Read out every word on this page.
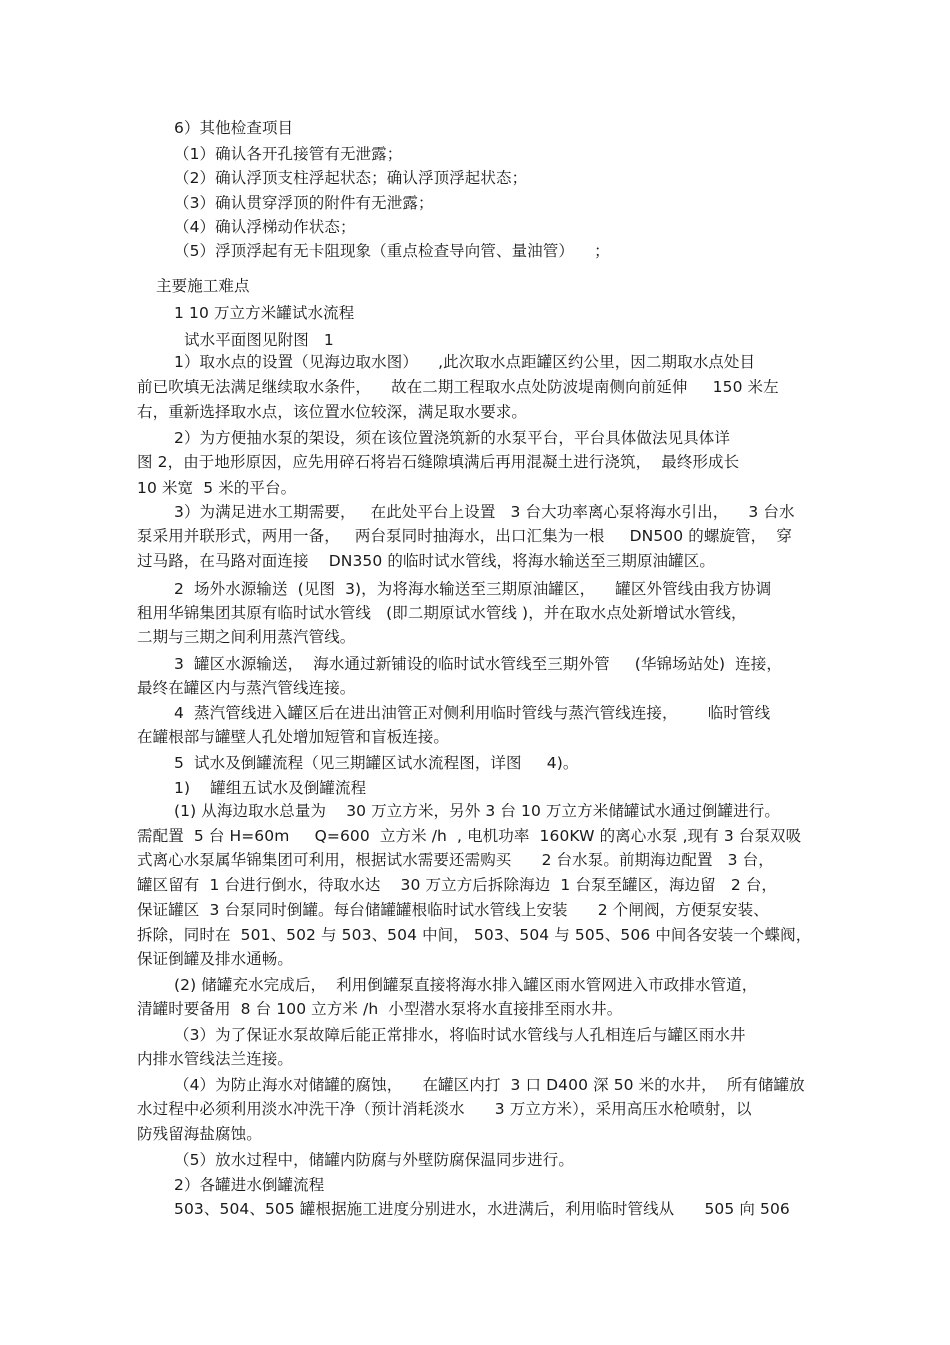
6）其他检查项目
（1）确认各开孔接管有无泄露；
（2）确认浮顶支柱浮起状态；确认浮顶浮起状态；
（3）确认贯穿浮顶的附件有无泄露；
（4）确认浮梯动作状态；
（5）浮顶浮起有无卡阻现象（重点检查导向管、量油管）    ；
主要施工难点
1 10 万立方米罐试水流程
试水平面图见附图   1
1）取水点的设置（见海边取水图）    ,此次取水点距罐区约公里，因二期取水点处目
前已吹填无法满足继续取水条件，    故在二期工程取水点处防波堤南侧向前延伸     150 米左
右，重新选择取水点，该位置水位较深，满足取水要求。
2）为方便抽水泵的架设，须在该位置浇筑新的水泵平台，平台具体做法见具体详
图 2，由于地形原因，应先用碎石将岩石缝隙填满后再用混凝土进行浇筑，  最终形成长
10 米宽  5 米的平台。
3）为满足进水工期需要，   在此处平台上设置   3 台大功率离心泵将海水引出，    3 台水
泵采用并联形式，两用一备，   两台泵同时抽海水，出口汇集为一根     DN500 的螺旋管，  穿
过马路，在马路对面连接    DN350 的临时试水管线，将海水输送至三期原油罐区。
2  场外水源输送  (见图  3)，为将海水输送至三期原油罐区，    罐区外管线由我方协调
租用华锦集团其原有临时试水管线   (即二期原试水管线 )，并在取水点处新增试水管线，
二期与三期之间利用蒸汽管线。
3  罐区水源输送，  海水通过新铺设的临时试水管线至三期外管     (华锦场站处)  连接，
最终在罐区内与蒸汽管线连接。
4  蒸汽管线进入罐区后在进出油管正对侧利用临时管线与蒸汽管线连接，      临时管线
在罐根部与罐壁人孔处增加短管和盲板连接。
5  试水及倒罐流程（见三期罐区试水流程图，详图     4)。
1)    罐组五试水及倒罐流程
(1) 从海边取水总量为    30 万立方米，另外 3 台 10 万立方米储罐试水通过倒罐进行。
需配置  5 台 H=60m     Q=600  立方米 /h  , 电机功率  160KW 的离心水泵 ,现有 3 台泵双吸
式离心水泵属华锦集团可利用，根据试水需要还需购买      2 台水泵。前期海边配置   3 台，
罐区留有  1 台进行倒水，待取水达    30 万立方后拆除海边  1 台泵至罐区，海边留   2 台，
保证罐区  3 台泵同时倒罐。每台储罐罐根临时试水管线上安装      2 个闸阀，方便泵安装、
拆除，同时在  501、502 与 503、504 中间， 503、504 与 505、506 中间各安装一个蝶阀，
保证倒罐及排水通畅。
(2) 储罐充水完成后，  利用倒罐泵直接将海水排入罐区雨水管网进入市政排水管道，
清罐时要备用  8 台 100 立方米 /h  小型潜水泵将水直接排至雨水井。
（3）为了保证水泵故障后能正常排水，将临时试水管线与人孔相连后与罐区雨水井
内排水管线法兰连接。
（4）为防止海水对储罐的腐蚀，    在罐区内打  3 口 D400 深 50 米的水井，  所有储罐放
水过程中必须利用淡水冲洗干净（预计消耗淡水      3 万立方米），采用高压水枪喷射，以
防残留海盐腐蚀。
（5）放水过程中，储罐内防腐与外壁防腐保温同步进行。
2）各罐进水倒罐流程
503、504、505 罐根据施工进度分别进水，水进满后，利用临时管线从      505 向 506
